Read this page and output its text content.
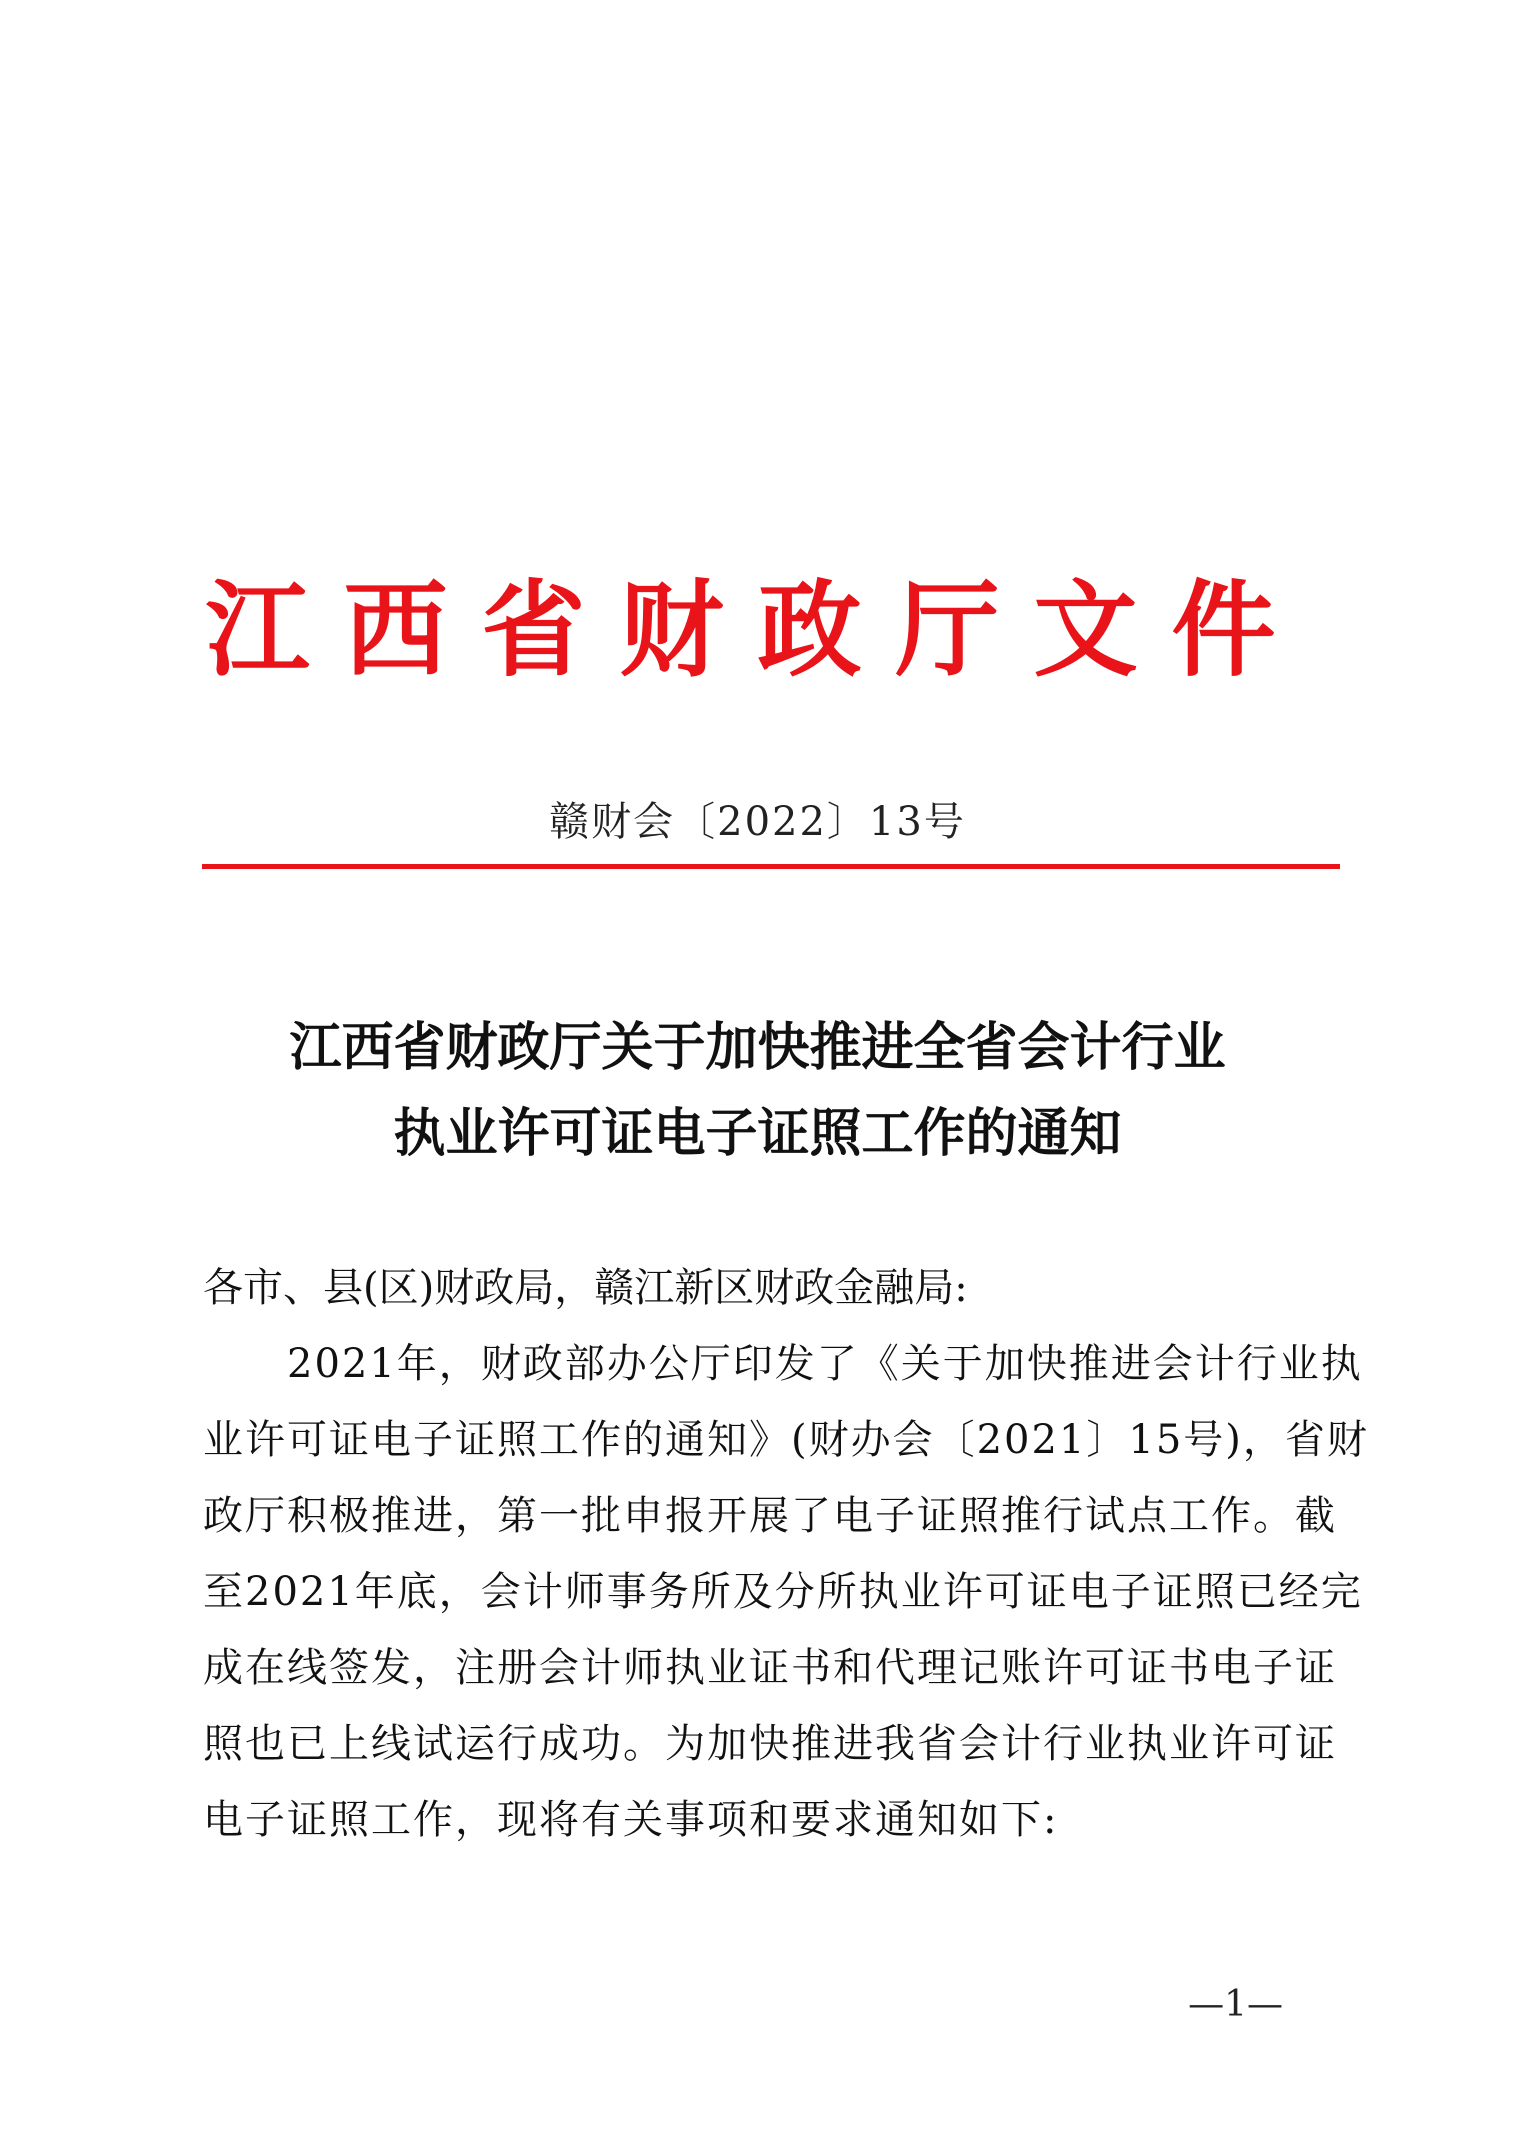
江西省财政厅文件
赣财会〔2022〕13号
江西省财政厅关于加快推进全省会计行业
执业许可证电子证照工作的通知
各市、县(区)财政局，赣江新区财政金融局:
　　2021年，财政部办公厅印发了《关于加快推进会计行业执
业许可证电子证照工作的通知》(财办会〔2021〕15号)，省财
政厅积极推进，第一批申报开展了电子证照推行试点工作。截
至2021年底，会计师事务所及分所执业许可证电子证照已经完
成在线签发，注册会计师执业证书和代理记账许可证书电子证
照也已上线试运行成功。为加快推进我省会计行业执业许可证
电子证照工作，现将有关事项和要求通知如下:
—1—
